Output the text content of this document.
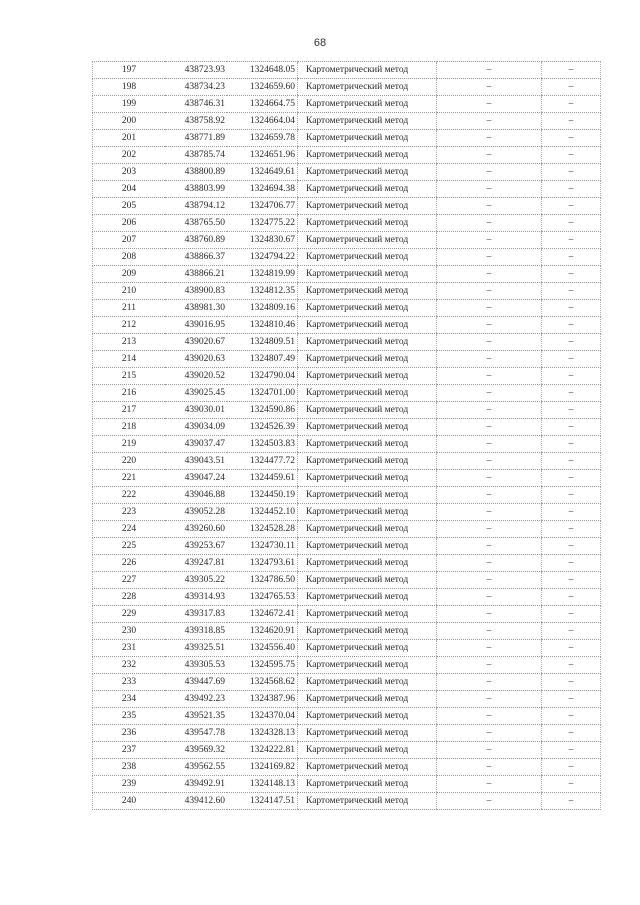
68
197	438723.93	1324648.05	Картометрический метод	–	–
198	438734.23	1324659.60	Картометрический метод	–	–
199	438746.31	1324664.75	Картометрический метод	–	–
200	438758.92	1324664.04	Картометрический метод	–	–
201	438771.89	1324659.78	Картометрический метод	–	–
202	438785.74	1324651.96	Картометрический метод	–	–
203	438800.89	1324649.61	Картометрический метод	–	–
204	438803.99	1324694.38	Картометрический метод	–	–
205	438794.12	1324706.77	Картометрический метод	–	–
206	438765.50	1324775.22	Картометрический метод	–	–
207	438760.89	1324830.67	Картометрический метод	–	–
208	438866.37	1324794.22	Картометрический метод	–	–
209	438866.21	1324819.99	Картометрический метод	–	–
210	438900.83	1324812.35	Картометрический метод	–	–
211	438981.30	1324809.16	Картометрический метод	–	–
212	439016.95	1324810.46	Картометрический метод	–	–
213	439020.67	1324809.51	Картометрический метод	–	–
214	439020.63	1324807.49	Картометрический метод	–	–
215	439020.52	1324790.04	Картометрический метод	–	–
216	439025.45	1324701.00	Картометрический метод	–	–
217	439030.01	1324590.86	Картометрический метод	–	–
218	439034.09	1324526.39	Картометрический метод	–	–
219	439037.47	1324503.83	Картометрический метод	–	–
220	439043.51	1324477.72	Картометрический метод	–	–
221	439047.24	1324459.61	Картометрический метод	–	–
222	439046.88	1324450.19	Картометрический метод	–	–
223	439052.28	1324452.10	Картометрический метод	–	–
224	439260.60	1324528.28	Картометрический метод	–	–
225	439253.67	1324730.11	Картометрический метод	–	–
226	439247.81	1324793.61	Картометрический метод	–	–
227	439305.22	1324786.50	Картометрический метод	–	–
228	439314.93	1324765.53	Картометрический метод	–	–
229	439317.83	1324672.41	Картометрический метод	–	–
230	439318.85	1324620.91	Картометрический метод	–	–
231	439325.51	1324556.40	Картометрический метод	–	–
232	439305.53	1324595.75	Картометрический метод	–	–
233	439447.69	1324568.62	Картометрический метод	–	–
234	439492.23	1324387.96	Картометрический метод	–	–
235	439521.35	1324370.04	Картометрический метод	–	–
236	439547.78	1324328.13	Картометрический метод	–	–
237	439569.32	1324222.81	Картометрический метод	–	–
238	439562.55	1324169.82	Картометрический метод	–	–
239	439492.91	1324148.13	Картометрический метод	–	–
240	439412.60	1324147.51	Картометрический метод	–	–
